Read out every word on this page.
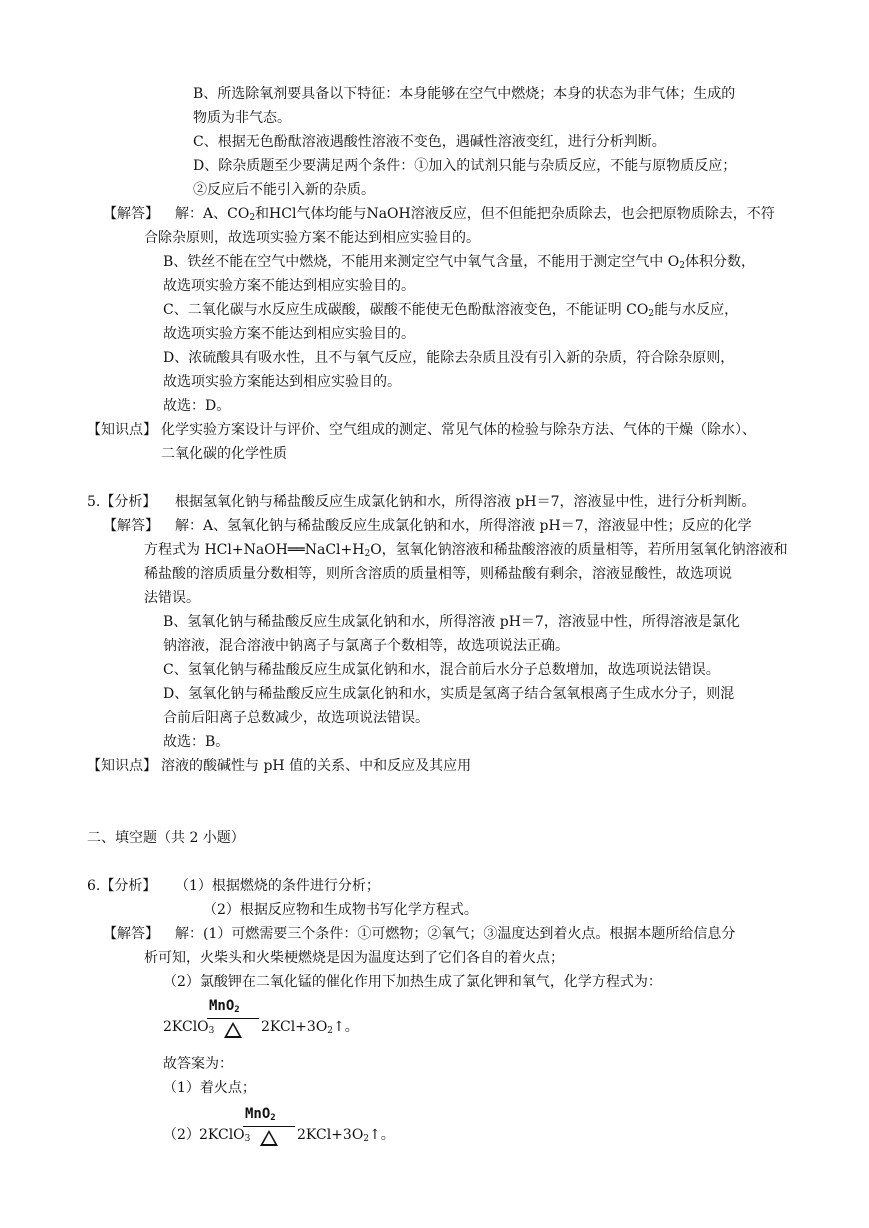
B、所选除氧剂要具备以下特征：本身能够在空气中燃烧；本身的状态为非气体；生成的
物质为非气态。
C、根据无色酚酞溶液遇酸性溶液不变色，遇碱性溶液变红，进行分析判断。
D、除杂质题至少要满足两个条件：①加入的试剂只能与杂质反应，不能与原物质反应；
②反应后不能引入新的杂质。
【解答】 解：A、$CO_2$和HCl气体均能与NaOH溶液反应，但不但能把杂质除去，也会把原物质除去，不符
合除杂原则，故选项实验方案不能达到相应实验目的。
B、铁丝不能在空气中燃烧，不能用来测定空气中氧气含量，不能用于测定空气中 $O_2$体积分数，
故选项实验方案不能达到相应实验目的。
C、二氧化碳与水反应生成碳酸，碳酸不能使无色酚酞溶液变色，不能证明 $CO_2$能与水反应，
故选项实验方案不能达到相应实验目的。
D、浓硫酸具有吸水性，且不与氧气反应，能除去杂质且没有引入新的杂质，符合除杂原则，
故选项实验方案能达到相应实验目的。
故选：D。
【知识点】 化学实验方案设计与评价、空气组成的测定、常见气体的检验与除杂方法、气体的干燥（除水）、
二氧化碳的化学性质
5.【分析】 根据氢氧化钠与稀盐酸反应生成氯化钠和水，所得溶液 pH＝7，溶液显中性，进行分析判断。
【解答】 解：A、氢氧化钠与稀盐酸反应生成氯化钠和水，所得溶液 pH＝7，溶液显中性；反应的化学
方程式为 $HCl+NaOH══NaCl+H_2O$，氢氧化钠溶液和稀盐酸溶液的质量相等，若所用氢氧化钠溶液和
稀盐酸的溶质质量分数相等，则所含溶质的质量相等，则稀盐酸有剩余，溶液显酸性，故选项说
法错误。
B、氢氧化钠与稀盐酸反应生成氯化钠和水，所得溶液 pH＝7，溶液显中性，所得溶液是氯化
钠溶液，混合溶液中钠离子与氯离子个数相等，故选项说法正确。
C、氢氧化钠与稀盐酸反应生成氯化钠和水，混合前后水分子总数增加，故选项说法错误。
D、氢氧化钠与稀盐酸反应生成氯化钠和水，实质是氢离子结合氢氧根离子生成水分子，则混
合前后阳离子总数减少，故选项说法错误。
故选：B。
【知识点】 溶液的酸碱性与 pH 值的关系、中和反应及其应用
二、填空题（共 2 小题）
6.【分析】 （1）根据燃烧的条件进行分析；
（2）根据反应物和生成物书写化学方程式。
【解答】 解：(1）可燃需要三个条件：①可燃物；②氧气；③温度达到着火点。根据本题所给信息分
析可知，火柴头和火柴梗燃烧是因为温度达到了它们各自的着火点；
（2）氯酸钾在二氧化锰的催化作用下加热生成了氯化钾和氧气，化学方程式为：
2KClO$_3$
MnO$_2$
$2KCl+3O_2↑$。
故答案为：
（1）着火点；
（2） 2KClO$_3$
MnO$_2$
$2KCl+3O_2↑$。
